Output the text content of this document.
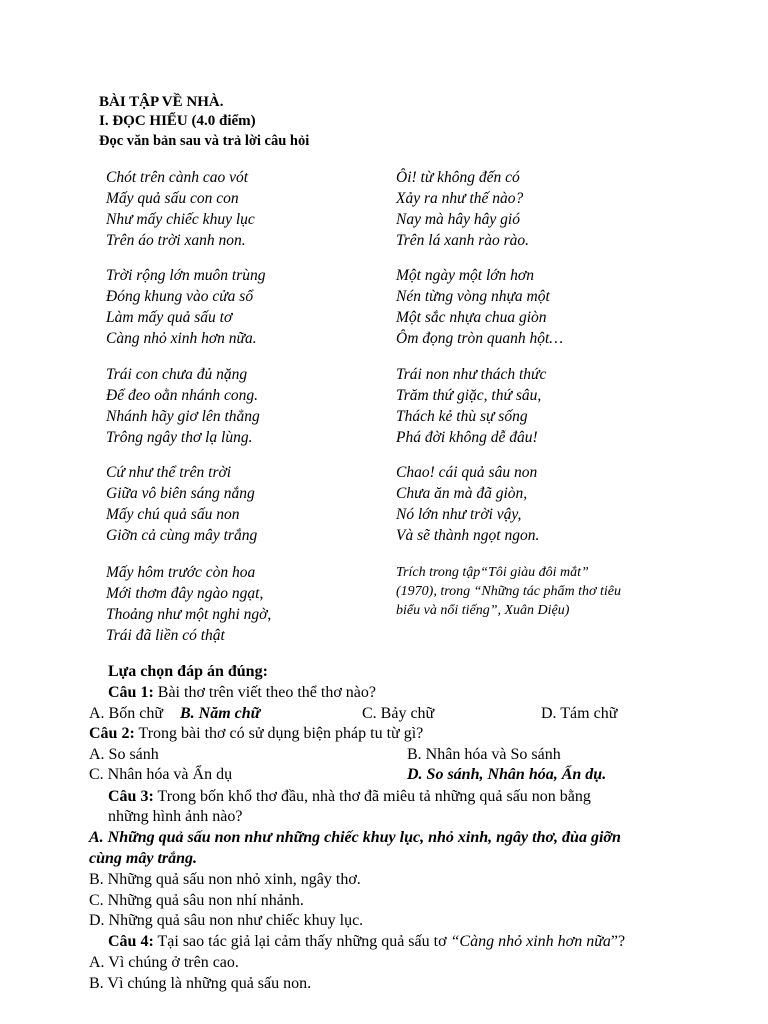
BÀI TẬP VỀ NHÀ.
I. ĐỌC HIỂU (4.0 điểm)
Đọc văn bản sau và trả lời câu hỏi
Chót trên cành cao vót
Mấy quả sấu con con
Như mấy chiếc khuy lục
Trên áo trời xanh non.
Trời rộng lớn muôn trùng
Đóng khung vào cửa sổ
Làm mấy quả sấu tơ
Càng nhỏ xinh hơn nữa.
Trái con chưa đủ nặng
Để đeo oằn nhánh cong.
Nhánh hãy giơ lên thẳng
Trông ngây thơ lạ lùng.
Cứ như thể trên trời
Giữa vô biên sáng nắng
Mấy chú quả sấu non
Giỡn cả cùng mây trắng
Mấy hôm trước còn hoa
Mới thơm đây ngào ngạt,
Thoảng như một nghi ngờ,
Trái đã liền có thật
Ôi! từ không đến có
Xảy ra như thế nào?
Nay mà hây hây gió
Trên lá xanh rào rào.
Một ngày một lớn hơn
Nén từng vòng nhựa một
Một sắc nhựa chua giòn
Ôm đọng tròn quanh hột…
Trái non như thách thức
Trăm thứ giặc, thứ sâu,
Thách kẻ thù sự sống
Phá đời không dễ đâu!
Chao! cái quả sâu non
Chưa ăn mà đã giòn,
Nó lớn như trời vậy,
Và sẽ thành ngọt ngon.
Trích trong tập“Tôi giàu đôi mắt”
(1970), trong “Những tác phẩm thơ tiêu
biểu và nổi tiếng”, Xuân Diệu)
Lựa chọn đáp án đúng:
Câu 1: Bài thơ trên viết theo thể thơ nào?
A. Bốn chữ B. Năm chữ	C. Bảy chữ	D. Tám chữ
Câu 2: Trong bài thơ có sử dụng biện pháp tu từ gì?
A. So sánh	B. Nhân hóa và So sánh
C. Nhân hóa và Ẩn dụ	D. So sánh, Nhân hóa, Ẩn dụ.
Câu 3: Trong bốn khổ thơ đầu, nhà thơ đã miêu tả những quả sấu non bằng
những hình ảnh nào?
A. Những quả sấu non như những chiếc khuy lục, nhỏ xinh, ngây thơ, đùa giỡn
cùng mây trắng.
B. Những quả sấu non nhỏ xinh, ngây thơ.
C. Những quả sâu non nhí nhảnh.
D. Những quả sâu non như chiếc khuy lục.
Câu 4: Tại sao tác giả lại cảm thấy những quả sấu tơ “Càng nhỏ xinh hơn nữa”?
A. Vì chúng ở trên cao.
B. Vì chúng là những quả sấu non.
